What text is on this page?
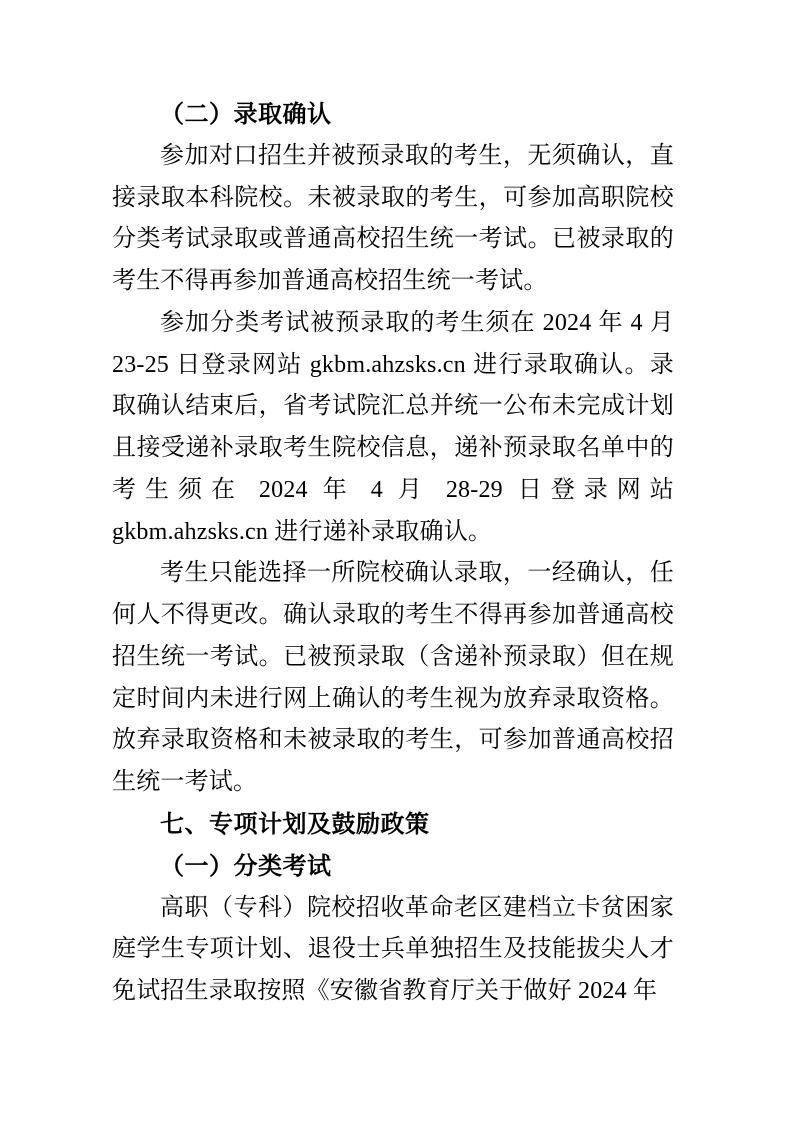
（二）录取确认

参加对口招生并被预录取的考生，无须确认，直接录取本科院校。未被录取的考生，可参加高职院校分类考试录取或普通高校招生统一考试。已被录取的考生不得再参加普通高校招生统一考试。

参加分类考试被预录取的考生须在 2024 年 4 月 23-25 日登录网站 gkbm.ahzsks.cn 进行录取确认。录取确认结束后，省考试院汇总并统一公布未完成计划且接受递补录取考生院校信息，递补预录取名单中的考生须在 2024 年 4 月 28-29 日登录网站 gkbm.ahzsks.cn 进行递补录取确认。

考生只能选择一所院校确认录取，一经确认，任何人不得更改。确认录取的考生不得再参加普通高校招生统一考试。已被预录取（含递补预录取）但在规定时间内未进行网上确认的考生视为放弃录取资格。放弃录取资格和未被录取的考生，可参加普通高校招生统一考试。

七、专项计划及鼓励政策

（一）分类考试

高职（专科）院校招收革命老区建档立卡贫困家庭学生专项计划、退役士兵单独招生及技能拔尖人才免试招生录取按照《安徽省教育厅关于做好 2024 年
